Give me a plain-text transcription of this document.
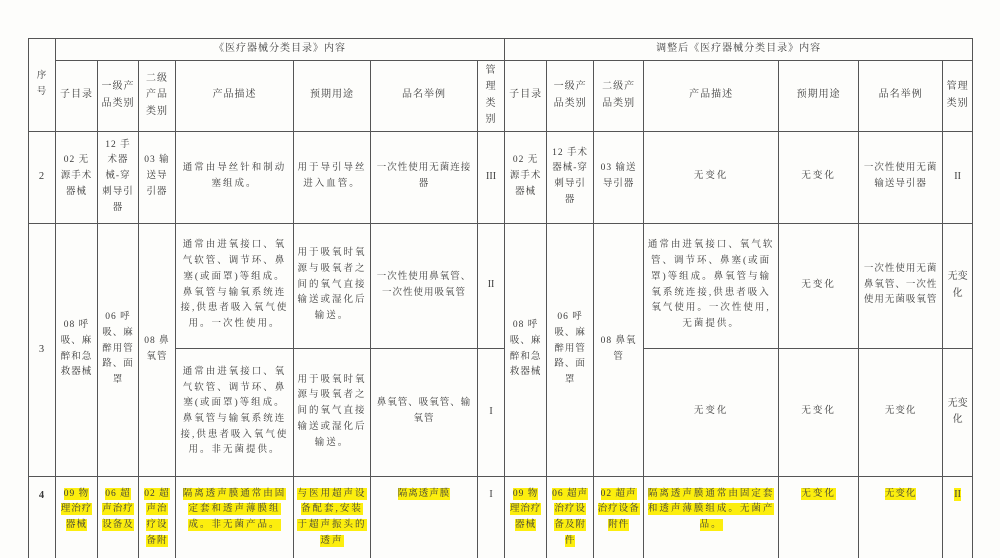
序号	《医疗器械分类目录》内容							调整后《医疗器械分类目录》内容						
	子目录	一级产品类别	二级产品类别	产品描述	预期用途	品名举例	管理类别	子目录	一级产品类别	二级产品类别	产品描述	预期用途	品名举例	管理类别
2	02 无源手术器械	12 手术器械-穿刺导引器	03 输送导引器	通常由导丝针和制动塞组成。	用于导引导丝进入血管。	一次性使用无菌连接器	III	02 无源手术器械	12 手术器械-穿刺导引器	03 输送导引器	无变化	无变化	一次性使用无菌输送导引器	II
3	08 呼吸、麻醉和急救器械	06 呼吸、麻醉用管路、面罩	08 鼻氧管	通常由进氧接口、氧气软管、调节环、鼻塞(或面罩)等组成。鼻氧管与输氧系统连接,供患者吸入氧气使用。一次性使用。	用于吸氧时氧源与吸氧者之间的氧气直接输送或湿化后输送。	一次性使用鼻氧管、一次性使用吸氧管	II	08 呼吸、麻醉和急救器械	06 呼吸、麻醉用管路、面罩	08 鼻氧管	通常由进氧接口、氧气软管、调节环、鼻塞(或面罩)等组成。鼻氧管与输氧系统连接,供患者吸入氧气使用。一次性使用,无菌提供。	无变化	一次性使用无菌鼻氧管、一次性使用无菌吸氧管	无变化
				通常由进氧接口、氧气软管、调节环、鼻塞(或面罩)等组成。鼻氧管与输氧系统连接,供患者吸入氧气使用。非无菌提供。	用于吸氧时氧源与吸氧者之间的氧气直接输送或湿化后输送。	鼻氧管、吸氧管、输氧管	I				无变化	无变化	无变化	无变化
4	09 物理治疗器械	06 超声治疗设备及	02 超声治疗设备附	隔离透声膜通常由固定套和透声薄膜组成。非无菌产品。	与医用超声设备配套,安装于超声振头的透声	隔离透声膜	I	09 物理治疗器械	06 超声治疗设备及附件	02 超声治疗设备附件	隔离透声膜通常由固定套和透声薄膜组成。无菌产品。	无变化	无变化	II
